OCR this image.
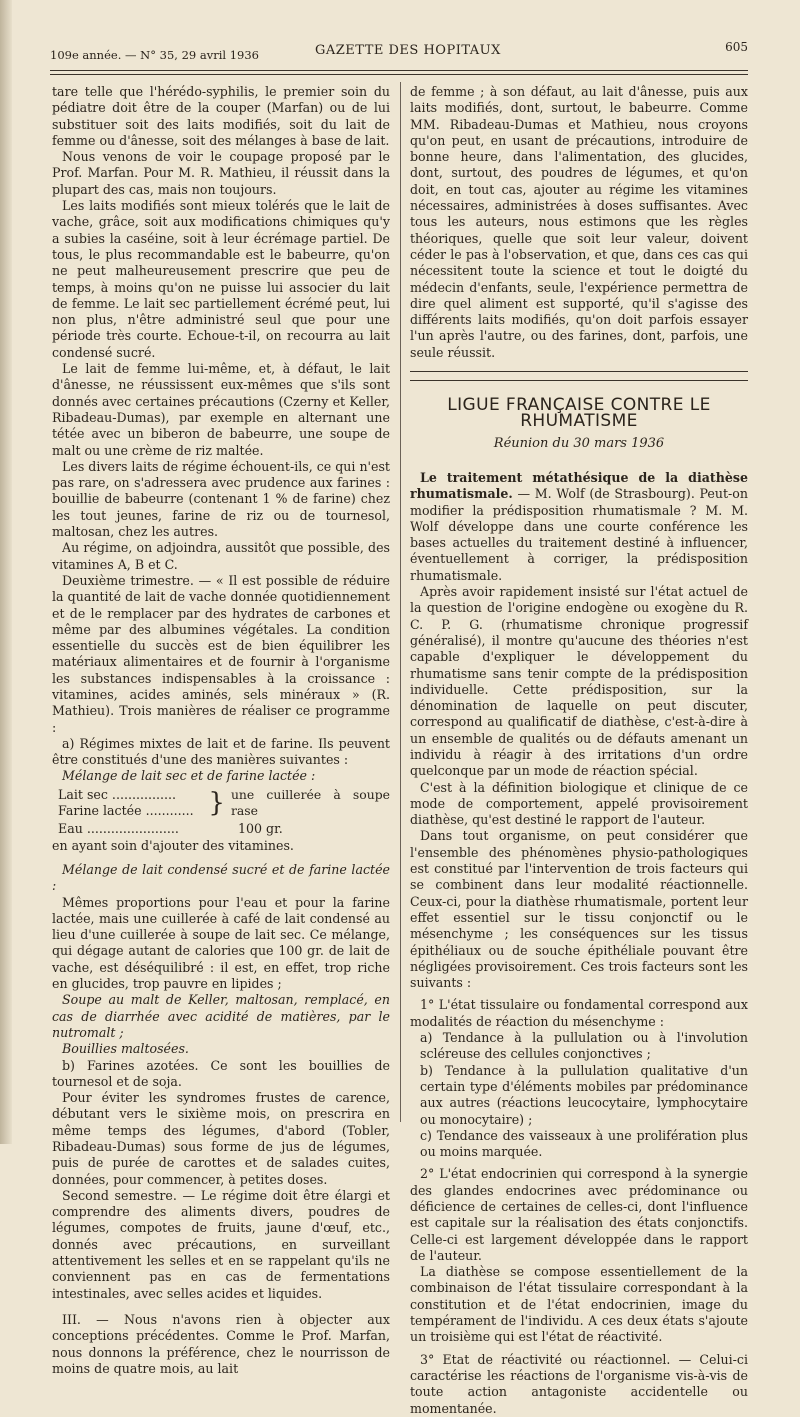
109e année. — N° 35, 29 avril 1936	GAZETTE DES HOPITAUX	605

tare telle que l'hérédo-syphilis, le premier soin du pédiatre doit être de la couper (Marfan) ou de lui substituer soit des laits modifiés, soit du lait de femme ou d'ânesse, soit des mélanges à base de lait.

Nous venons de voir le coupage proposé par le Prof. Marfan. Pour M. R. Mathieu, il réussit dans la plupart des cas, mais non toujours.

Les laits modifiés sont mieux tolérés que le lait de vache, grâce, soit aux modifications chimiques qu'y a subies la caséine, soit à leur écrémage partiel. De tous, le plus recommandable est le babeurre, qu'on ne peut malheureusement prescrire que peu de temps, à moins qu'on ne puisse lui associer du lait de femme. Le lait sec partiellement écrémé peut, lui non plus, n'être administré seul que pour une période très courte. Echoue-t-il, on recourra au lait condensé sucré.

Le lait de femme lui-même, et, à défaut, le lait d'ânesse, ne réussissent eux-mêmes que s'ils sont donnés avec certaines précautions (Czerny et Keller, Ribadeau-Dumas), par exemple en alternant une tétée avec un biberon de babeurre, une soupe de malt ou une crème de riz maltée.

Les divers laits de régime échouent-ils, ce qui n'est pas rare, on s'adressera avec prudence aux farines : bouillie de babeurre (contenant 1 % de farine) chez les tout jeunes, farine de riz ou de tournesol, maltosan, chez les autres.

Au régime, on adjoindra, aussitôt que possible, des vitamines A, B et C.

Deuxième trimestre. — « Il est possible de réduire la quantité de lait de vache donnée quotidiennement et de le remplacer par des hydrates de carbones et même par des albumines végétales. La condition essentielle du succès est de bien équilibrer les matériaux alimentaires et de fournir à l'organisme les substances indispensables à la croissance : vitamines, acides aminés, sels minéraux » (R. Mathieu). Trois manières de réaliser ce programme :

a) Régimes mixtes de lait et de farine. Ils peuvent être constitués d'une des manières suivantes :

Mélange de lait sec et de farine lactée :

Lait sec ................
Farine lactée ............ } une cuillerée à soupe rase
Eau .......................	100 gr.

en ayant soin d'ajouter des vitamines.

Mélange de lait condensé sucré et de farine lactée :

Mêmes proportions pour l'eau et pour la farine lactée, mais une cuillerée à café de lait condensé au lieu d'une cuillerée à soupe de lait sec. Ce mélange, qui dégage autant de calories que 100 gr. de lait de vache, est déséquilibré : il est, en effet, trop riche en glucides, trop pauvre en lipides ;

Soupe au malt de Keller, maltosan, remplacé, en cas de diarrhée avec acidité de matières, par le nutromalt ;

Bouillies maltosées.

b) Farines azotées. Ce sont les bouillies de tournesol et de soja.

Pour éviter les syndromes frustes de carence, débutant vers le sixième mois, on prescrira en même temps des légumes, d'abord (Tobler, Ribadeau-Dumas) sous forme de jus de légumes, puis de purée de carottes et de salades cuites, données, pour commencer, à petites doses.

Second semestre. — Le régime doit être élargi et comprendre des aliments divers, poudres de légumes, compotes de fruits, jaune d'œuf, etc., donnés avec précautions, en surveillant attentivement les selles et en se rappelant qu'ils ne conviennent pas en cas de fermentations intestinales, avec selles acides et liquides.

III. — Nous n'avons rien à objecter aux conceptions précédentes. Comme le Prof. Marfan, nous donnons la préférence, chez le nourrisson de moins de quatre mois, au lait

de femme ; à son défaut, au lait d'ânesse, puis aux laits modifiés, dont, surtout, le babeurre. Comme MM. Ribadeau-Dumas et Mathieu, nous croyons qu'on peut, en usant de précautions, introduire de bonne heure, dans l'alimentation, des glucides, dont, surtout, des poudres de légumes, et qu'on doit, en tout cas, ajouter au régime les vitamines nécessaires, administrées à doses suffisantes. Avec tous les auteurs, nous estimons que les règles théoriques, quelle que soit leur valeur, doivent céder le pas à l'observation, et que, dans ces cas qui nécessitent toute la science et tout le doigté du médecin d'enfants, seule, l'expérience permettra de dire quel aliment est supporté, qu'il s'agisse des différents laits modifiés, qu'on doit parfois essayer l'un après l'autre, ou des farines, dont, parfois, une seule réussit.

LIGUE FRANÇAISE CONTRE LE RHUMATISME
Réunion du 30 mars 1936

Le traitement métathésique de la diathèse rhumatismale. — M. Wolf (de Strasbourg). Peut-on modifier la prédisposition rhumatismale ? M. M. Wolf développe dans une courte conférence les bases actuelles du traitement destiné à influencer, éventuellement à corriger, la prédisposition rhumatismale.

Après avoir rapidement insisté sur l'état actuel de la question de l'origine endogène ou exogène du R. C. P. G. (rhumatisme chronique progressif généralisé), il montre qu'aucune des théories n'est capable d'expliquer le développement du rhumatisme sans tenir compte de la prédisposition individuelle. Cette prédisposition, sur la dénomination de laquelle on peut discuter, correspond au qualificatif de diathèse, c'est-à-dire à un ensemble de qualités ou de défauts amenant un individu à réagir à des irritations d'un ordre quelconque par un mode de réaction spécial.

C'est à la définition biologique et clinique de ce mode de comportement, appelé provisoirement diathèse, qu'est destiné le rapport de l'auteur.

Dans tout organisme, on peut considérer que l'ensemble des phénomènes physio-pathologiques est constitué par l'intervention de trois facteurs qui se combinent dans leur modalité réactionnelle. Ceux-ci, pour la diathèse rhumatismale, portent leur effet essentiel sur le tissu conjonctif ou le mésenchyme ; les conséquences sur les tissus épithéliaux ou de souche épithéliale pouvant être négligées provisoirement. Ces trois facteurs sont les suivants :

1° L'état tissulaire ou fondamental correspond aux modalités de réaction du mésenchyme :

a) Tendance à la pullulation ou à l'involution scléreuse des cellules conjonctives ;

b) Tendance à la pullulation qualitative d'un certain type d'éléments mobiles par prédominance aux autres (réactions leucocytaire, lymphocytaire ou monocytaire) ;

c) Tendance des vaisseaux à une prolifération plus ou moins marquée.

2° L'état endocrinien qui correspond à la synergie des glandes endocrines avec prédominance ou déficience de certaines de celles-ci, dont l'influence est capitale sur la réalisation des états conjonctifs. Celle-ci est largement développée dans le rapport de l'auteur.

La diathèse se compose essentiellement de la combinaison de l'état tissulaire correspondant à la constitution et de l'état endocrinien, image du tempérament de l'individu. A ces deux états s'ajoute un troisième qui est l'état de réactivité.

3° Etat de réactivité ou réactionnel. — Celui-ci caractérise les réactions de l'organisme vis-à-vis de toute action antagoniste accidentelle ou momentanée.
